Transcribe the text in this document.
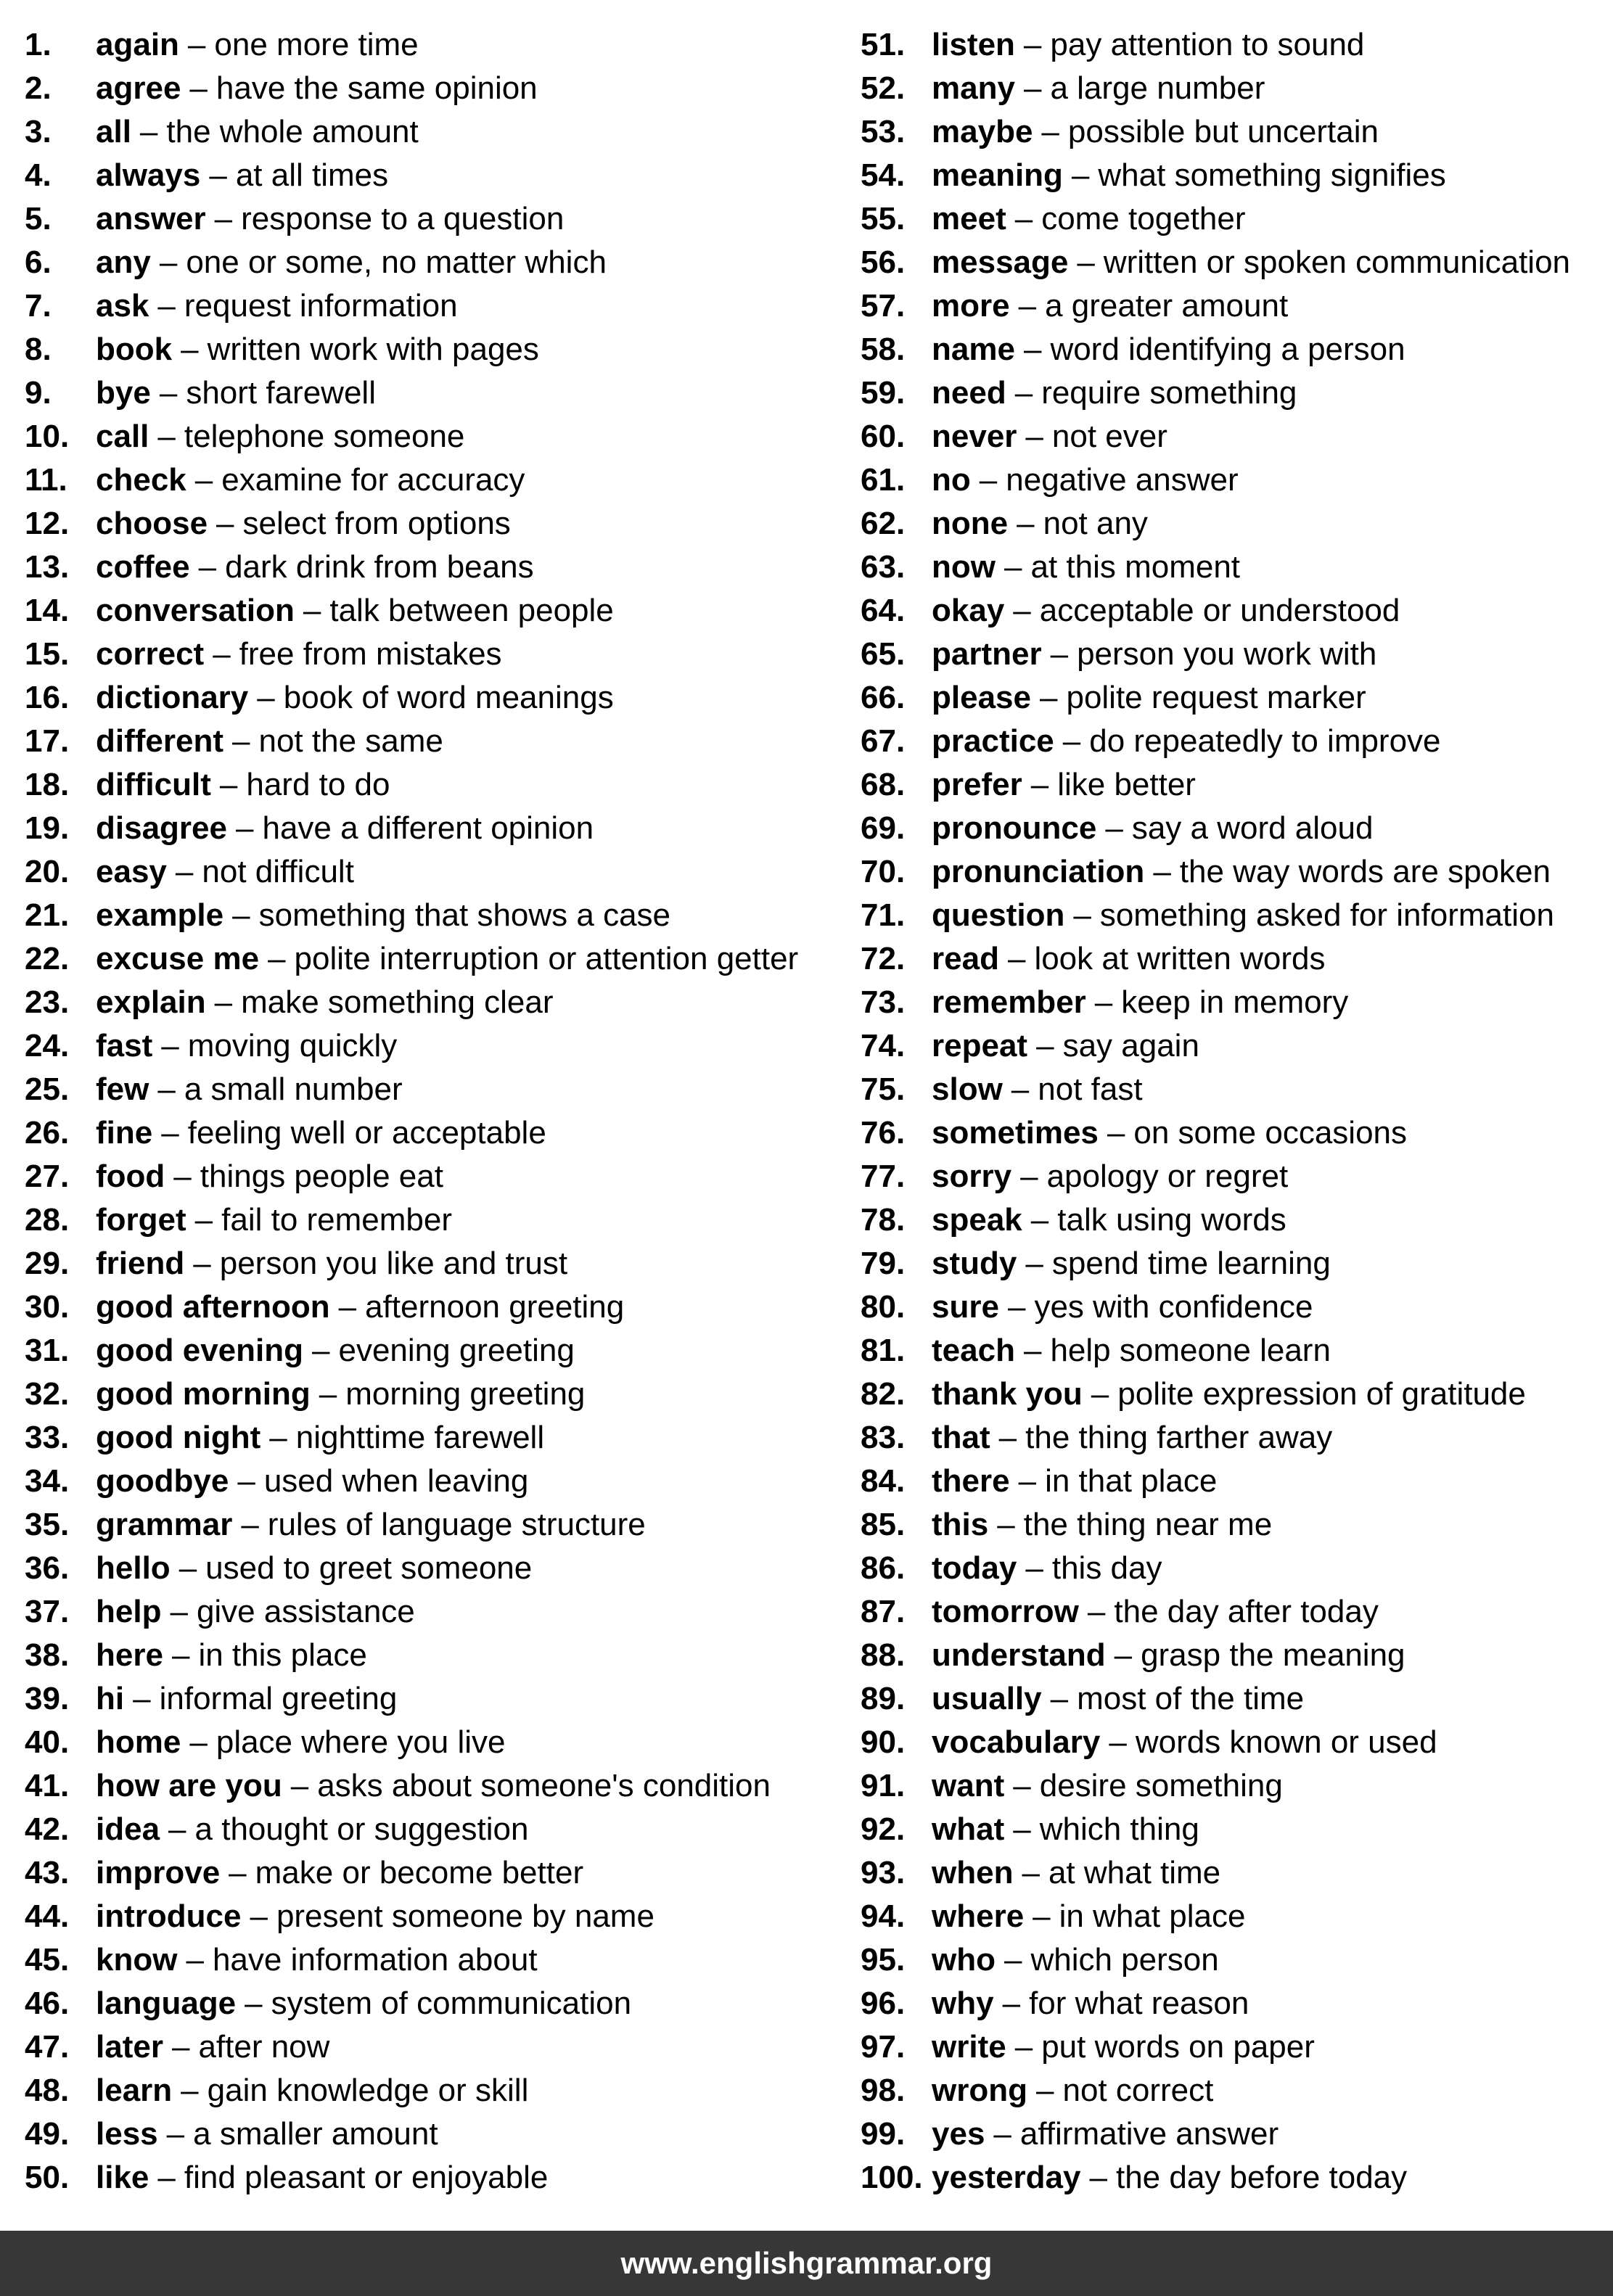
1.	again – one more time
2.	agree – have the same opinion
3.	all – the whole amount
4.	always – at all times
5.	answer – response to a question
6.	any – one or some, no matter which
7.	ask – request information
8.	book – written work with pages
9.	bye – short farewell
10. call – telephone someone
11. check – examine for accuracy
12. choose – select from options
13. coffee – dark drink from beans
14. conversation – talk between people
15. correct – free from mistakes
16. dictionary – book of word meanings
17. different – not the same
18. difficult – hard to do
19. disagree – have a different opinion
20. easy – not difficult
21. example – something that shows a case
22. excuse me – polite interruption or attention getter
23. explain – make something clear
24. fast – moving quickly
25. few – a small number
26. fine – feeling well or acceptable
27. food – things people eat
28. forget – fail to remember
29. friend – person you like and trust
30. good afternoon – afternoon greeting
31. good evening – evening greeting
32. good morning – morning greeting
33. good night – nighttime farewell
34. goodbye – used when leaving
35. grammar – rules of language structure
36. hello – used to greet someone
37. help – give assistance
38. here – in this place
39. hi – informal greeting
40. home – place where you live
41. how are you – asks about someone's condition
42. idea – a thought or suggestion
43. improve – make or become better
44. introduce – present someone by name
45. know – have information about
46. language – system of communication
47. later – after now
48. learn – gain knowledge or skill
49. less – a smaller amount
50. like – find pleasant or enjoyable
51. listen – pay attention to sound
52. many – a large number
53. maybe – possible but uncertain
54. meaning – what something signifies
55. meet – come together
56. message – written or spoken communication
57. more – a greater amount
58. name – word identifying a person
59. need – require something
60. never – not ever
61. no – negative answer
62. none – not any
63. now – at this moment
64. okay – acceptable or understood
65. partner – person you work with
66. please – polite request marker
67. practice – do repeatedly to improve
68. prefer – like better
69. pronounce – say a word aloud
70. pronunciation – the way words are spoken
71. question – something asked for information
72. read – look at written words
73. remember – keep in memory
74. repeat – say again
75. slow – not fast
76. sometimes – on some occasions
77. sorry – apology or regret
78. speak – talk using words
79. study – spend time learning
80. sure – yes with confidence
81. teach – help someone learn
82. thank you – polite expression of gratitude
83. that – the thing farther away
84. there – in that place
85. this – the thing near me
86. today – this day
87. tomorrow – the day after today
88. understand – grasp the meaning
89. usually – most of the time
90. vocabulary – words known or used
91. want – desire something
92. what – which thing
93. when – at what time
94. where – in what place
95. who – which person
96. why – for what reason
97. write – put words on paper
98. wrong – not correct
99. yes – affirmative answer
100. yesterday – the day before today
www.englishgrammar.org
